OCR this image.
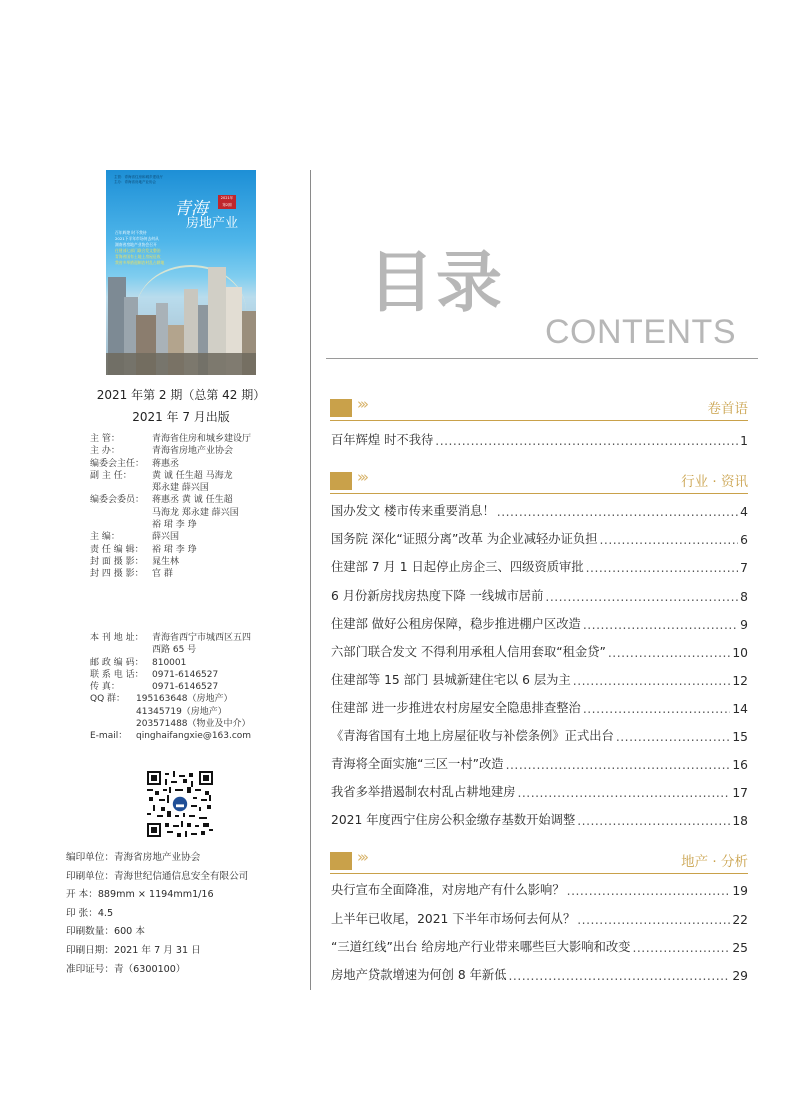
主管：青海省住房和城乡建设厅
主办：青海省房地产业协会
青海
房地产业
2021年
第2期
百年辉煌 时不我待
2021下半年市场何去何从
湖南省房地产业协会召开
住建部七部门联合发文整治
青海省国有土地上房屋征收
我省多举措遏制农村乱占耕地
2021 年第 2 期（总第 42 期）
2021 年 7 月出版
主 管：	青海省住房和城乡建设厅
主 办：	青海省房地产业协会
编委会主任： 蒋惠丞
副 主 任： 黄 诚 任生超 马海龙
郑永建 薛兴国
编委会委员： 蒋惠丞 黄 诚 任生超
马海龙 郑永建 薛兴国
裕 珺 李 琤
主 编：	薛兴国
责 任 编 辑： 裕 珺 李 琤
封 面 摄 影： 晁生林
封 四 摄 影： 官 群
本 刊 地 址： 青海省西宁市城西区五四
西路 65 号
邮 政 编 码： 810001
联 系 电 话： 0971-6146527
传 真：	0971-6146527
QQ 群： 195163648（房地产）
41345719（房地产）
203571488（物业及中介）
E-mail： qinghaifangxie@163.com
编印单位：青海省房地产业协会
印刷单位：青海世纪信通信息安全有限公司
开 本：889mm × 1194mm1/16
印 张：4.5
印刷数量：600 本
印刷日期：2021 年 7 月 31 日
准印证号：青（6300100）
目录
CONTENTS
›››	卷首语
百年辉煌 时不我待 .....	1
›››	行业 · 资讯
国办发文 楼市传来重要消息！ .....	4
国务院 深化“证照分离”改革 为企业减轻办证负担 .....	6
住建部 7 月 1 日起停止房企三、四级资质审批 .....	7
6 月份新房找房热度下降 一线城市居前 .....	8
住建部 做好公租房保障，稳步推进棚户区改造 .....	9
六部门联合发文 不得利用承租人信用套取“租金贷” .....	10
住建部等 15 部门 县城新建住宅以 6 层为主 .....	12
住建部 进一步推进农村房屋安全隐患排查整治 .....	14
《青海省国有土地上房屋征收与补偿条例》正式出台 .....	15
青海将全面实施“三区一村”改造 .....	16
我省多举措遏制农村乱占耕地建房 .....	17
2021 年度西宁住房公积金缴存基数开始调整 .....	18
›››	地产 · 分析
央行宣布全面降准，对房地产有什么影响？ .....	19
上半年已收尾，2021 下半年市场何去何从？ .....	22
“三道红线”出台 给房地产行业带来哪些巨大影响和改变 .....	25
房地产贷款增速为何创 8 年新低 .....	29
